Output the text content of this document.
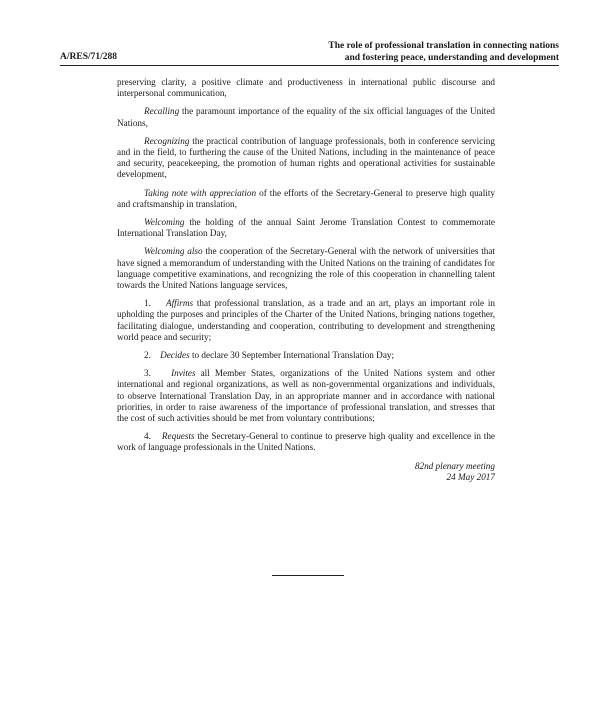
A/RES/71/288
The role of professional translation in connecting nations
and fostering peace, understanding and development

preserving clarity, a positive climate and productiveness in international public discourse and interpersonal communication,

Recalling the paramount importance of the equality of the six official languages of the United Nations,

Recognizing the practical contribution of language professionals, both in conference servicing and in the field, to furthering the cause of the United Nations, including in the maintenance of peace and security, peacekeeping, the promotion of human rights and operational activities for sustainable development,

Taking note with appreciation of the efforts of the Secretary-General to preserve high quality and craftsmanship in translation,

Welcoming the holding of the annual Saint Jerome Translation Contest to commemorate International Translation Day,

Welcoming also the cooperation of the Secretary-General with the network of universities that have signed a memorandum of understanding with the United Nations on the training of candidates for language competitive examinations, and recognizing the role of this cooperation in channelling talent towards the United Nations language services,

1. Affirms that professional translation, as a trade and an art, plays an important role in upholding the purposes and principles of the Charter of the United Nations, bringing nations together, facilitating dialogue, understanding and cooperation, contributing to development and strengthening world peace and security;

2. Decides to declare 30 September International Translation Day;

3. Invites all Member States, organizations of the United Nations system and other international and regional organizations, as well as non-governmental organizations and individuals, to observe International Translation Day, in an appropriate manner and in accordance with national priorities, in order to raise awareness of the importance of professional translation, and stresses that the cost of such activities should be met from voluntary contributions;

4. Requests the Secretary-General to continue to preserve high quality and excellence in the work of language professionals in the United Nations.

82nd plenary meeting
24 May 2017
